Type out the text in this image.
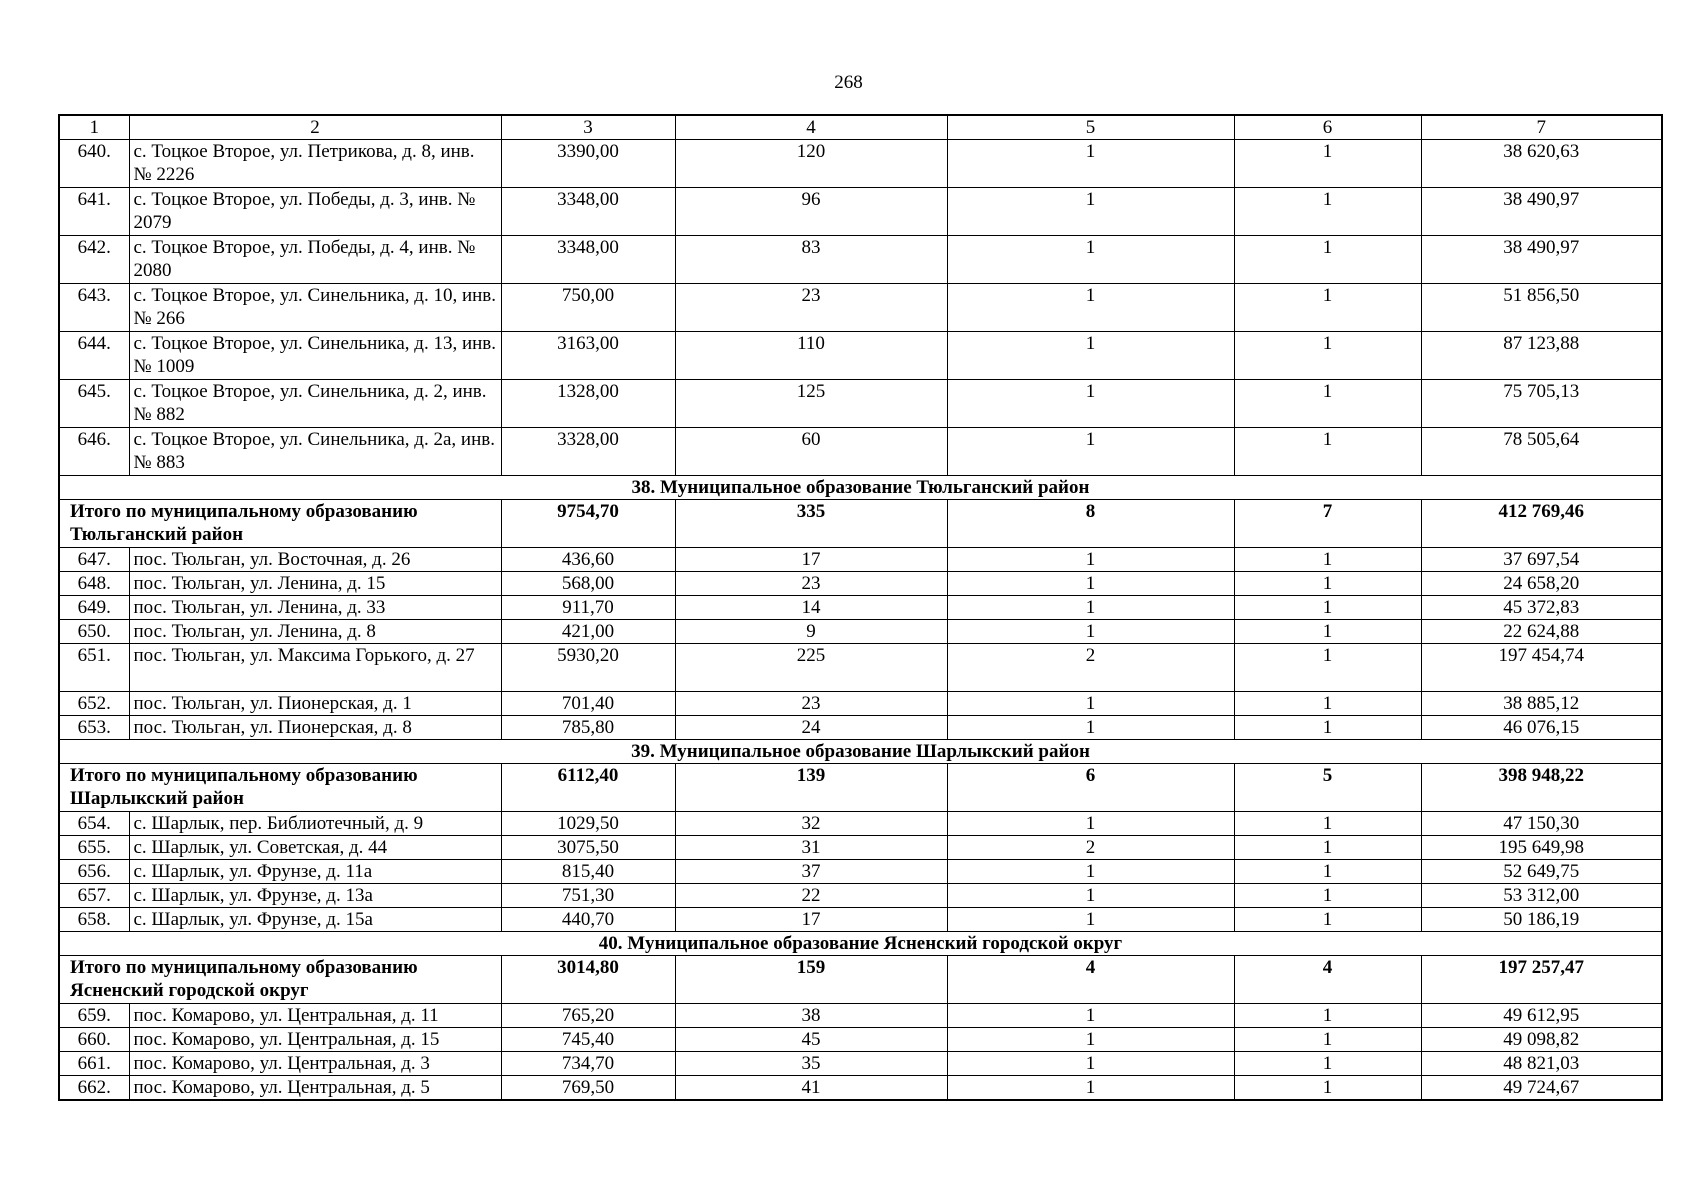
268
1	2	3	4	5	6	7
640.	с. Тоцкое Второе, ул. Петрикова, д. 8, инв. № 2226	3390,00	120	1	1	38 620,63
641.	с. Тоцкое Второе, ул. Победы, д. 3, инв. № 2079	3348,00	96	1	1	38 490,97
642.	с. Тоцкое Второе, ул. Победы, д. 4, инв. № 2080	3348,00	83	1	1	38 490,97
643.	с. Тоцкое Второе, ул. Синельника, д. 10, инв. № 266	750,00	23	1	1	51 856,50
644.	с. Тоцкое Второе, ул. Синельника, д. 13, инв. № 1009	3163,00	110	1	1	87 123,88
645.	с. Тоцкое Второе, ул. Синельника, д. 2, инв. № 882	1328,00	125	1	1	75 705,13
646.	с. Тоцкое Второе, ул. Синельника, д. 2а, инв. № 883	3328,00	60	1	1	78 505,64
38. Муниципальное образование Тюльганский район						
Итого по муниципальному образованию Тюльганский район		9754,70	335	8	7	412 769,46
647.	пос. Тюльган, ул. Восточная, д. 26	436,60	17	1	1	37 697,54
648.	пос. Тюльган, ул. Ленина, д. 15	568,00	23	1	1	24 658,20
649.	пос. Тюльган, ул. Ленина, д. 33	911,70	14	1	1	45 372,83
650.	пос. Тюльган, ул. Ленина, д. 8	421,00	9	1	1	22 624,88
651.	пос. Тюльган, ул. Максима Горького, д. 27	5930,20	225	2	1	197 454,74
652.	пос. Тюльган, ул. Пионерская, д. 1	701,40	23	1	1	38 885,12
653.	пос. Тюльган, ул. Пионерская, д. 8	785,80	24	1	1	46 076,15
39. Муниципальное образование Шарлыкский район						
Итого по муниципальному образованию Шарлыкский район		6112,40	139	6	5	398 948,22
654.	с. Шарлык, пер. Библиотечный, д. 9	1029,50	32	1	1	47 150,30
655.	с. Шарлык, ул. Советская, д. 44	3075,50	31	2	1	195 649,98
656.	с. Шарлык, ул. Фрунзе, д. 11а	815,40	37	1	1	52 649,75
657.	с. Шарлык, ул. Фрунзе, д. 13а	751,30	22	1	1	53 312,00
658.	с. Шарлык, ул. Фрунзе, д. 15а	440,70	17	1	1	50 186,19
40. Муниципальное образование Ясненский городской округ						
Итого по муниципальному образованию Ясненский городской округ		3014,80	159	4	4	197 257,47
659.	пос. Комарово, ул. Центральная, д. 11	765,20	38	1	1	49 612,95
660.	пос. Комарово, ул. Центральная, д. 15	745,40	45	1	1	49 098,82
661.	пос. Комарово, ул. Центральная, д. 3	734,70	35	1	1	48 821,03
662.	пос. Комарово, ул. Центральная, д. 5	769,50	41	1	1	49 724,67
